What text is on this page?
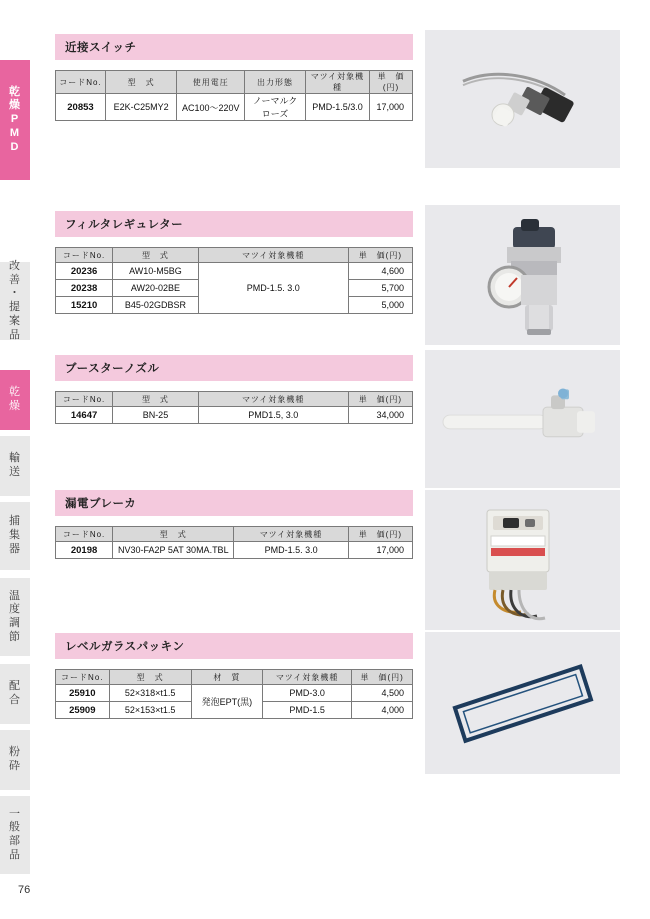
乾
燥
P
M
D
改
善
・
提
案
品
乾
燥
輸
送
捕
集
器
温
度
調
節
配
合
粉
砕
一
般
部
品
近接スイッチ
コードNo.	型　式	使用電圧	出力形態	マツイ対象機種	単　価(円)
20853	E2K-C25MY2	AC100〜220V	ノーマルクローズ	PMD-1.5/3.0	17,000
フィルタレギュレター
コードNo.	型　式	マツイ対象機種	単　価(円)
20236	AW10-M5BG	PMD-1.5. 3.0	4,600
20238	AW20-02BE		5,700
15210	B45-02GDBSR		5,000
ブースターノズル
コードNo.	型　式	マツイ対象機種	単　価(円)
14647	BN-25	PMD1.5, 3.0	34,000
漏電ブレーカ
コードNo.	型　式	マツイ対象機種	単　価(円)
20198	NV30-FA2P 5AT 30MA.TBL	PMD-1.5. 3.0	17,000
レベルガラスパッキン
コードNo.	型　式	材　質	マツイ対象機種	単　価(円)
25910	52×318×t1.5	発泡EPT(黒)	PMD-3.0	4,500
25909	52×153×t1.5		PMD-1.5	4,000
76
